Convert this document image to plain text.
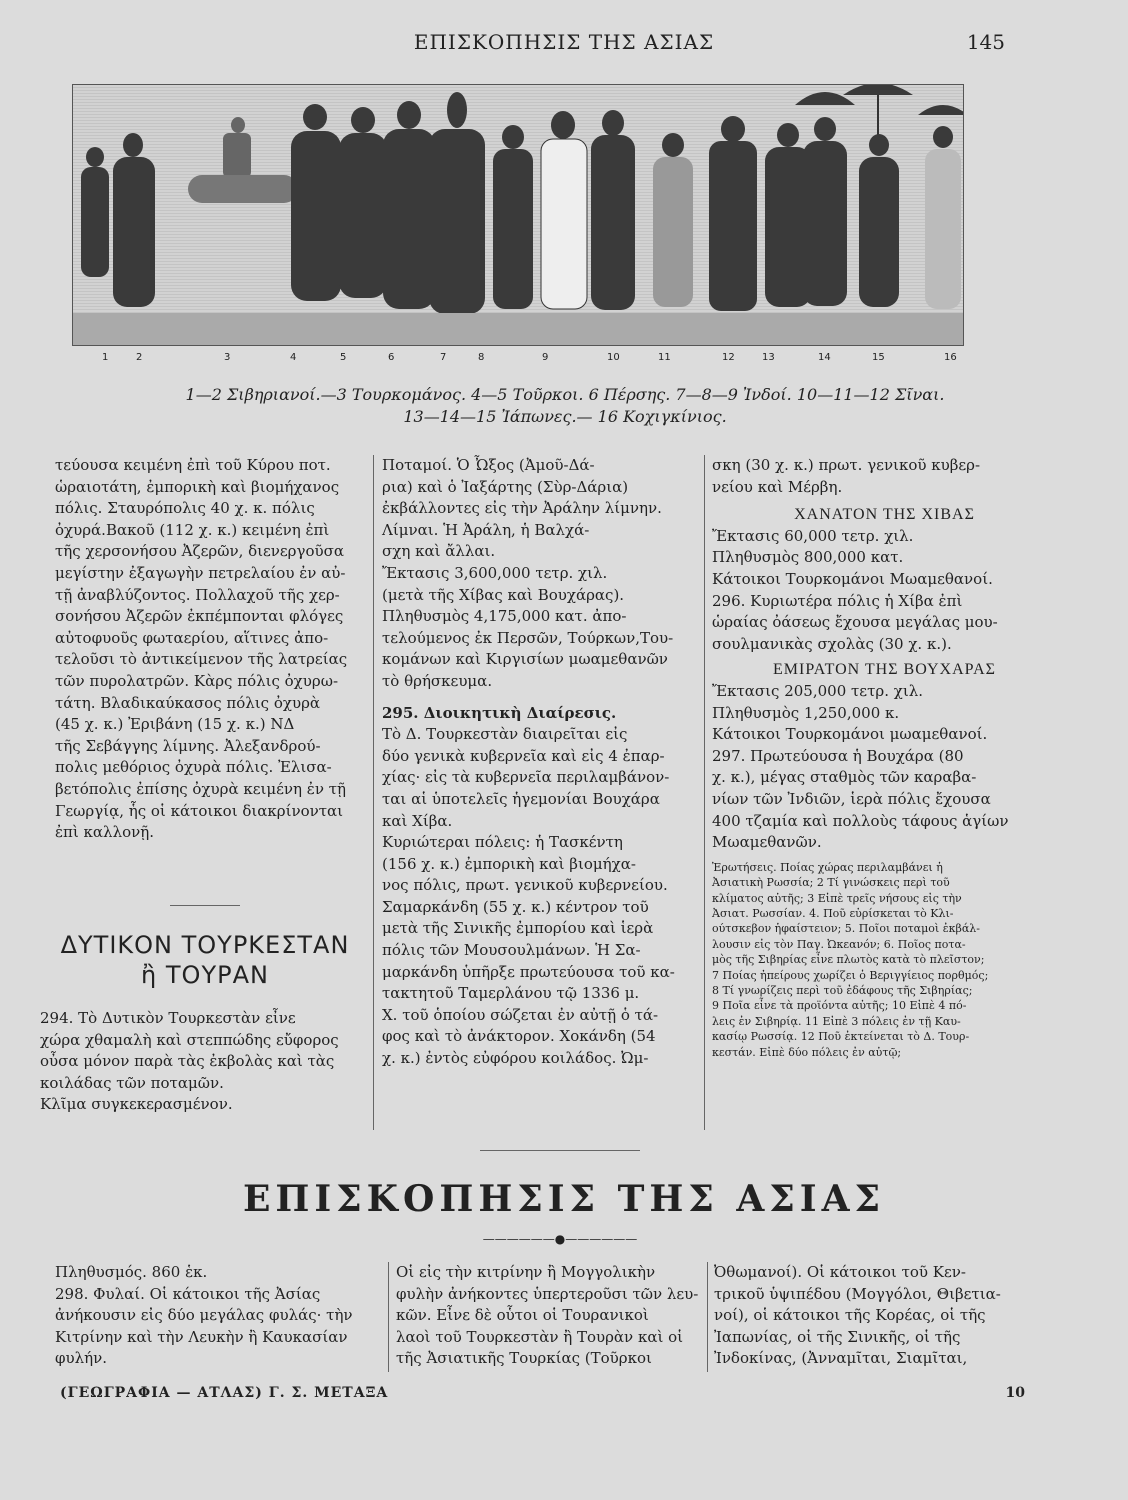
ΕΠΙΣΚΟΠΗΣΙΣ ΤΗΣ ΑΣΙΑΣ	145
1	2	3	4	5	6	7	8	9	10	11	12	13	14	15	16
1—2 Σιβηριανοί.—3 Τουρκομάνος. 4—5 Τοῦρκοι. 6 Πέρσης. 7—8—9 Ἰνδοί. 10—11—12 Σῖναι.
13—14—15 Ἰάπωνες.— 16 Κοχιγκίνιος.

τεύουσα κειμένη ἐπὶ τοῦ Κύρου ποτ.

ὡραιοτάτη, ἐμπορικὴ καὶ βιομήχανος

πόλις. Σταυρόπολις 40 χ. κ. πόλις

ὀχυρά.Βακοῦ (112 χ. κ.) κειμένη ἐπὶ

τῆς χερσονήσου Ἀζερῶν, διενεργοῦσα

μεγίστην ἐξαγωγὴν πετρελαίου ἐν αὐ-

τῇ ἀναβλύζοντος. Πολλαχοῦ τῆς χερ-

σονήσου Ἀζερῶν ἐκπέμπονται φλόγες

αὐτοφυοῦς φωταερίου, αἵτινες ἀπο-

τελοῦσι τὸ ἀντικείμενον τῆς λατρείας

τῶν πυρολατρῶν. Κὰρς πόλις ὀχυρω-

τάτη. Βλαδικαύκασος πόλις ὀχυρὰ

(45 χ. κ.) Ἐριβάνη (15 χ. κ.) ΝΔ

τῆς Σεβάγγης λίμνης. Ἀλεξανδρού-

πολις μεθόριος ὀχυρὰ πόλις. Ἐλισα-

βετόπολις ἐπίσης ὀχυρὰ κειμένη ἐν τῇ

Γεωργίᾳ, ἧς οἱ κάτοικοι διακρίνονται

ἐπὶ καλλονῇ.

ΔΥΤΙΚΟΝ ΤΟΥΡΚΕΣΤΑΝ
ἢ ΤΟΥΡΑΝ

294. Τὸ Δυτικὸν Τουρκεστὰν εἶνε

χώρα χθαμαλὴ καὶ στεππώδης εὔφορος

οὖσα μόνον παρὰ τὰς ἐκβολὰς καὶ τὰς

κοιλάδας τῶν ποταμῶν.

Κλῖμα συγκεκερασμένον.

Ποταμοί. Ὁ Ὦξος (Ἀμοῦ-Δά-

ρια) καὶ ὁ Ἰαξάρτης (Σὺρ-Δάρια)

ἐκβάλλοντες εἰς τὴν Ἀράλην λίμνην.

Λίμναι. Ἡ Ἀράλη, ἡ Βαλχά-

σχη καὶ ἄλλαι.

Ἔκτασις 3,600,000 τετρ. χιλ.

(μετὰ τῆς Χίβας καὶ Βουχάρας).

Πληθυσμὸς 4,175,000 κατ. ἀπο-

τελούμενος ἐκ Περσῶν, Τούρκων,Του-

κομάνων καὶ Κιργισίων μωαμεθανῶν

τὸ θρήσκευμα.

295. Διοικητικὴ Διαίρεσις.

Τὸ Δ. Τουρκεστὰν διαιρεῖται εἰς

δύο γενικὰ κυβερνεῖα καὶ εἰς 4 ἐπαρ-

χίας· εἰς τὰ κυβερνεῖα περιλαμβάνον-

ται αἱ ὑποτελεῖς ἡγεμονίαι Βουχάρα

καὶ Χίβα.

Κυριώτεραι πόλεις: ἡ Τασκέντη

(156 χ. κ.) ἐμπορικὴ καὶ βιομήχα-

νος πόλις, πρωτ. γενικοῦ κυβερνείου.

Σαμαρκάνδη (55 χ. κ.) κέντρον τοῦ

μετὰ τῆς Σινικῆς ἐμπορίου καὶ ἱερὰ

πόλις τῶν Μουσουλμάνων. Ἡ Σα-

μαρκάνδη ὑπῆρξε πρωτεύουσα τοῦ κα-

τακτητοῦ Ταμερλάνου τῷ 1336 μ.

Χ. τοῦ ὁποίου σώζεται ἐν αὐτῇ ὁ τά-

φος καὶ τὸ ἀνάκτορον. Χοκάνδη (54

χ. κ.) ἐντὸς εὐφόρου κοιλάδος. Ὠμ-

σκη (30 χ. κ.) πρωτ. γενικοῦ κυβερ-

νείου καὶ Μέρβη.

ΧΑΝΑΤΟΝ ΤΗΣ ΧΙΒΑΣ

Ἔκτασις 60,000 τετρ. χιλ.

Πληθυσμὸς 800,000 κατ.

Κάτοικοι Τουρκομάνοι Μωαμεθανοί.

296. Κυριωτέρα πόλις ἡ Χίβα ἐπὶ

ὡραίας ὀάσεως ἔχουσα μεγάλας μου-

σουλμανικὰς σχολὰς (30 χ. κ.).

ΕΜΙΡΑΤΟΝ ΤΗΣ ΒΟΥΧΑΡΑΣ

Ἔκτασις 205,000 τετρ. χιλ.

Πληθυσμὸς 1,250,000 κ.

Κάτοικοι Τουρκομάνοι μωαμεθανοί.

297. Πρωτεύουσα ἡ Βουχάρα (80

χ. κ.), μέγας σταθμὸς τῶν καραβα-

νίων τῶν Ἰνδιῶν, ἱερὰ πόλις ἔχουσα

400 τζαμία καὶ πολλοὺς τάφους ἁγίων

Μωαμεθανῶν.

Ἐρωτήσεις. Ποίας χώρας περιλαμβάνει ἡ

Ἀσιατικὴ Ρωσσία; 2 Τί γινώσκεις περὶ τοῦ

κλίματος αὐτῆς; 3 Εἰπὲ τρεῖς νήσους εἰς τὴν

Ἀσιατ. Ρωσσίαν. 4. Ποῦ εὑρίσκεται τὸ Κλι-

ούτσκεβον ἡφαίστειον; 5. Ποῖοι ποταμοὶ ἐκβάλ-

λουσιν εἰς τὸν Παγ. Ὠκεανόν; 6. Ποῖος ποτα-

μὸς τῆς Σιβηρίας εἶνε πλωτὸς κατὰ τὸ πλεῖστον;

7 Ποίας ἠπείρους χωρίζει ὁ Βεριγγίειος πορθμός;

8 Τί γνωρίζεις περὶ τοῦ ἐδάφους τῆς Σιβηρίας;

9 Ποῖα εἶνε τὰ προϊόντα αὐτῆς; 10 Εἰπὲ 4 πό-

λεις ἐν Σιβηρίᾳ. 11 Εἰπὲ 3 πόλεις ἐν τῇ Καυ-

κασίῳ Ρωσσίᾳ. 12 Ποῦ ἐκτείνεται τὸ Δ. Τουρ-

κεστάν. Εἰπὲ δύο πόλεις ἐν αὐτῷ;

ΕΠΙΣΚΟΠΗΣΙΣ ΤΗΣ ΑΣΙΑΣ
——————●——————

Πληθυσμός. 860 ἑκ.

298. Φυλαί. Οἱ κάτοικοι τῆς Ἀσίας

ἀνήκουσιν εἰς δύο μεγάλας φυλάς· τὴν

Κιτρίνην καὶ τὴν Λευκὴν ἢ Καυκασίαν

φυλήν.

Οἱ εἰς τὴν κιτρίνην ἢ Μογγολικὴν

φυλὴν ἀνήκοντες ὑπερτεροῦσι τῶν λευ-

κῶν. Εἶνε δὲ οὗτοι οἱ Τουρανικοὶ

λαοὶ τοῦ Τουρκεστὰν ἢ Τουρὰν καὶ οἱ

τῆς Ἀσιατικῆς Τουρκίας (Τοῦρκοι

Ὀθωμανοί). Οἱ κάτοικοι τοῦ Κεν-

τρικοῦ ὑψιπέδου (Μογγόλοι, Θιβετια-

νοί), οἱ κάτοικοι τῆς Κορέας, οἱ τῆς

Ἰαπωνίας, οἱ τῆς Σινικῆς, οἱ τῆς

Ἰνδοκίνας, (Ἀνναμῖται, Σιαμῖται,

(ΓΕΩΓΡΑΦΙΑ — ΑΤΛΑΣ) Γ. Σ. ΜΕΤΑΞΑ	10
